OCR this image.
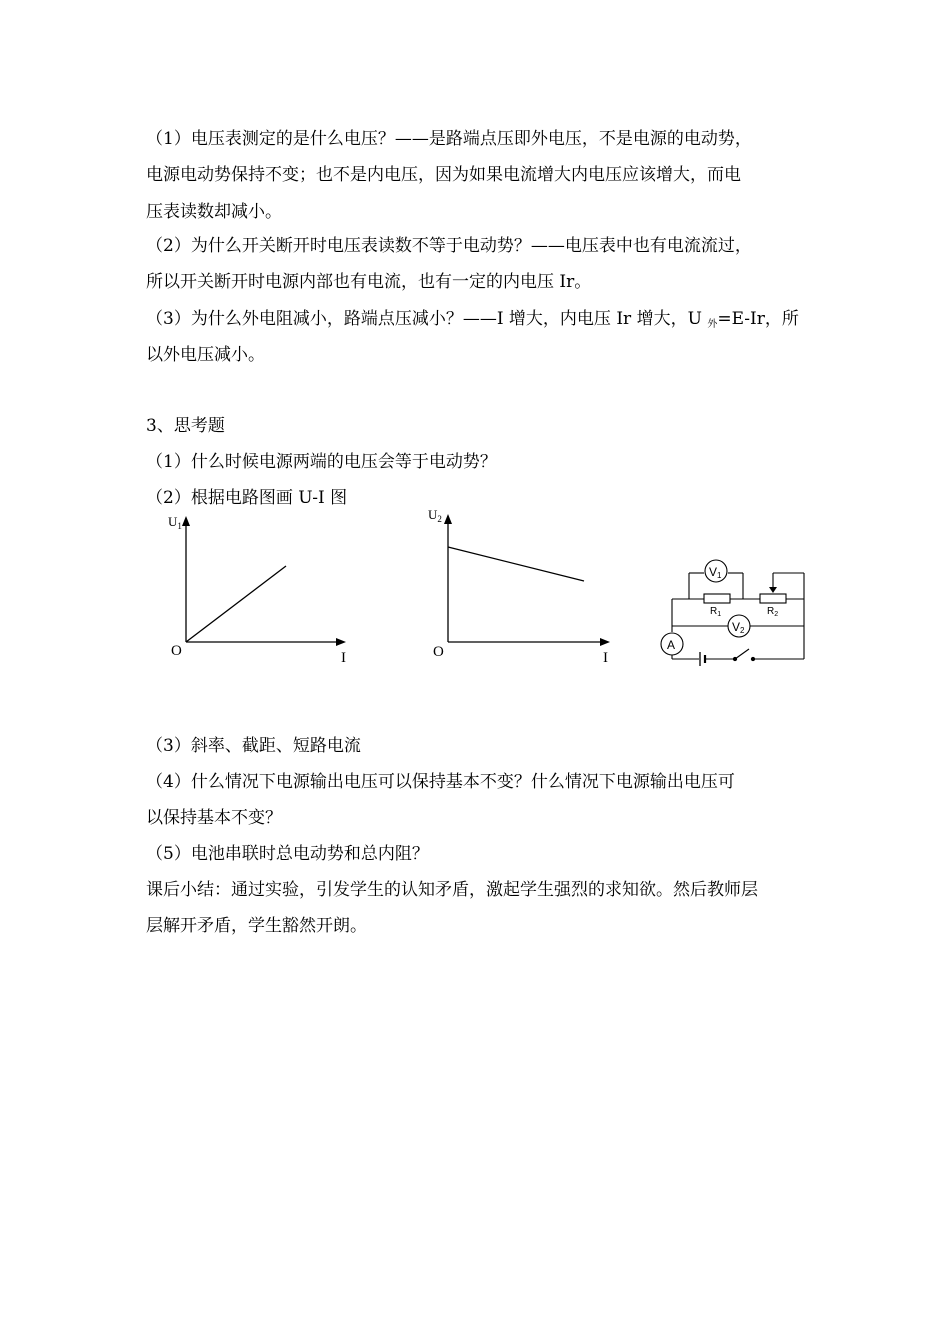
（1）电压表测定的是什么电压？——是路端点压即外电压，不是电源的电动势，
电源电动势保持不变；也不是内电压，因为如果电流增大内电压应该增大，而电
压表读数却减小。
（2）为什么开关断开时电压表读数不等于电动势？——电压表中也有电流流过，
所以开关断开时电源内部也有电流，也有一定的内电压 Ir。
（3）为什么外电阻减小，路端点压减小？——I 增大，内电压 Ir 增大，U 外=E-Ir，所
以外电压减小。
3、思考题
（1）什么时候电源两端的电压会等于电动势？
（2）根据电路图画 U-I 图
$U_1$
O	I
$U_2$
O	I
V1
$R_1$	$R_2$
V2
A
（3）斜率、截距、短路电流
（4）什么情况下电源输出电压可以保持基本不变？什么情况下电源输出电压可
以保持基本不变？
（5）电池串联时总电动势和总内阻？
课后小结：通过实验，引发学生的认知矛盾，激起学生强烈的求知欲。然后教师层
层解开矛盾，学生豁然开朗。
